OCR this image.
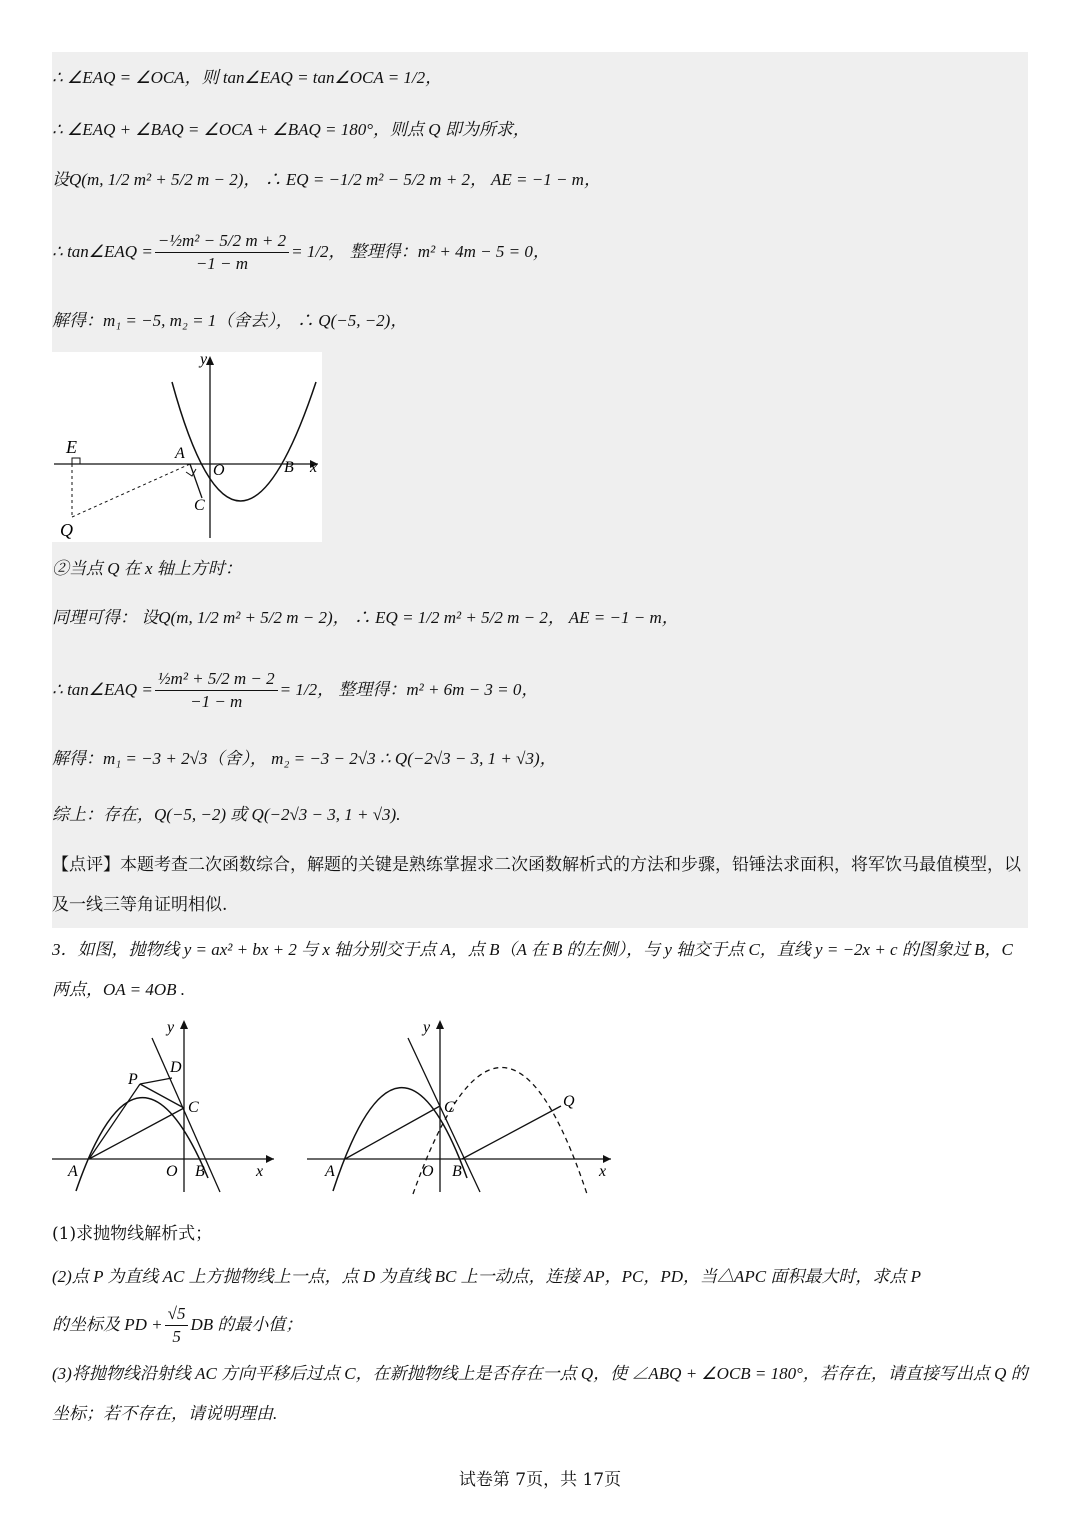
∴ ∠EAQ = ∠OCA，则 tan∠EAQ = tan∠OCA = 1/2，
∴ ∠EAQ + ∠BAQ = ∠OCA + ∠BAQ = 180°，则点 Q 即为所求，
设Q(m, 1/2 m² + 5/2 m − 2)， ∴ EQ = −1/2 m² − 5/2 m + 2， AE = −1 − m，
∴ tan∠EAQ = $\frac{\text{−½m² − 5/2 m + 2}}{-1 - m} = 1/2$， 整理得：m² + 4m − 5 = 0，
解得：m₁ = −5, m₂ = 1（舍去）， ∴ Q(−5, −2)，
y
x
E	A
O	B
C
Q
②当点 Q 在 x 轴上方时：
同理可得： 设Q(m, 1/2 m² + 5/2 m − 2)， ∴ EQ = 1/2 m² + 5/2 m − 2， AE = −1 − m，
∴ tan∠EAQ = $\frac{\text{½m² + 5/2 m − 2}}{-1 - m} = 1/2$， 整理得：m² + 6m − 3 = 0，
解得：m₁ = −3 + 2√3（舍）， m₂ = −3 − 2√3 ∴ Q(−2√3 − 3, 1 + √3)，
综上：存在，Q(−5, −2) 或 Q(−2√3 − 3, 1 + √3).
【点评】本题考查二次函数综合，解题的关键是熟练掌握求二次函数解析式的方法和步骤，铅锤法求面积，将军饮马最值模型，以及一线三等角证明相似.
3．如图，抛物线 y = ax² + bx + 2 与 x 轴分别交于点 A，点 B（A 在 B 的左侧），与 y 轴交于点 C，直线 y = −2x + c 的图象过 B，C 两点，OA = 4OB .
y
x
P
D
C
A	O B
y
x
C	Q
A	O B
(1)求抛物线解析式；
(2)点 P 为直线 AC 上方抛物线上一点，点 D 为直线 BC 上一动点，连接 AP，PC，PD，当△APC 面积最大时，求点 P
的坐标及 PD + $\frac{√5}{5}$ DB 的最小值；
(3)将抛物线沿射线 AC 方向平移后过点 C，在新抛物线上是否存在一点 Q，使 ∠ABQ + ∠OCB = 180°，若存在，请直接写出点 Q 的坐标；若不存在，请说明理由.
试卷第 7页，共 17页
